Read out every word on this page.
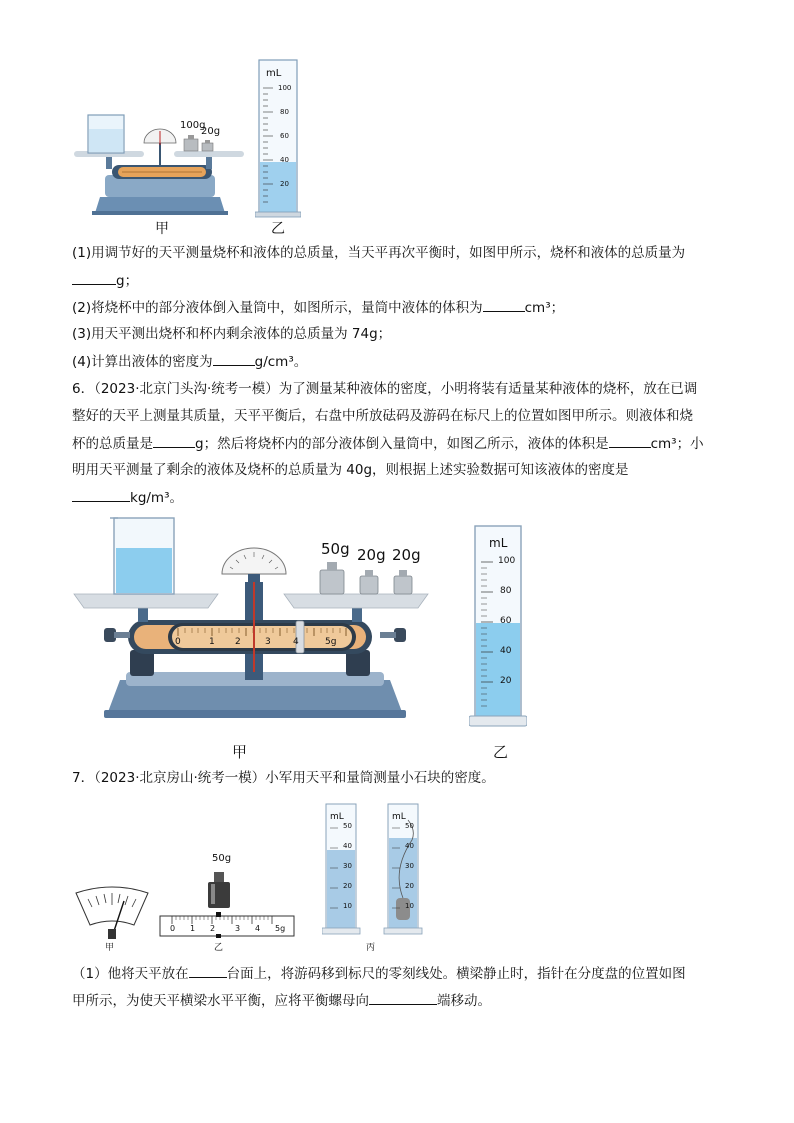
100g
20g
mL
100
80
60
40
20
甲	乙
(1)用调节好的天平测量烧杯和液体的总质量，当天平再次平衡时，如图甲所示，烧杯和液体的总质量为
g；
(2)将烧杯中的部分液体倒入量筒中，如图所示，量筒中液体的体积为	cm³；
(3)用天平测出烧杯和杯内剩余液体的总质量为 74g；
(4)计算出液体的密度为	g/cm³。
6．（2023·北京门头沟·统考一模）为了测量某种液体的密度，小明将装有适量某种液体的烧杯，放在已调
整好的天平上测量其质量，天平平衡后，右盘中所放砝码及游码在标尺上的位置如图甲所示。则液体和烧
杯的总质量是	g；然后将烧杯内的部分液体倒入量筒中，如图乙所示，液体的体积是	cm³；小
明用天平测量了剩余的液体及烧杯的总质量为 40g，则根据上述实验数据可知该液体的密度是
kg/m³。
50g 20g 20g
0	1 2	3 4	5g
mL
100
80
60
40
20
甲	乙
7．（2023·北京房山·统考一模）小军用天平和量筒测量小石块的密度。
甲
50g
0 1 2 3 4 5g
乙
mL
50
40
30
20
10
mL
50
40
30
20
10
丙
（1）他将天平放在	台面上，将游码移到标尺的零刻线处。横梁静止时，指针在分度盘的位置如图
甲所示，为使天平横梁水平平衡，应将平衡螺母向	端移动。
